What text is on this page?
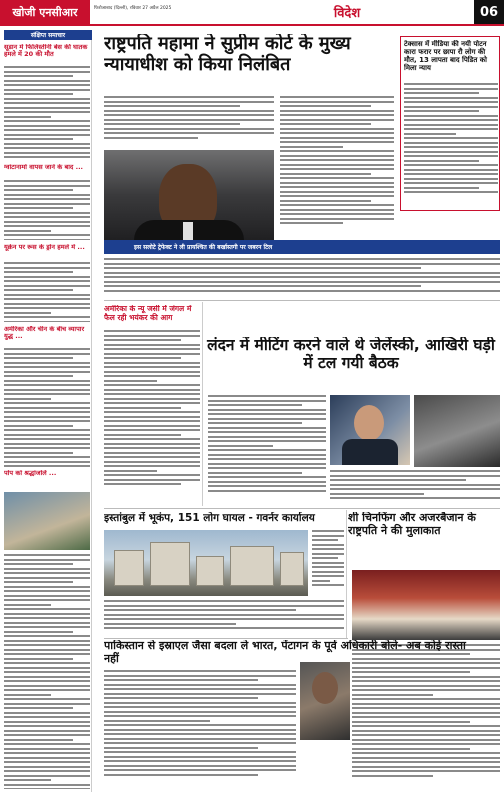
खोजी एनसीआर	फिरोजाबाद (दिल्ली), रविवार 27 अप्रैल 2025	विदेश	06
संक्षिप्त समाचार
सूडान में फिलिस्तीनी बेस की घातक हमले में 20 की मौत
ग्वांटानामो वापस जाने के बाद ...
यूक्रेन पर रूस के ड्रोन हमले में ...
अमेरिका और चीन के बीच व्यापार युद्ध ...
पोप को श्रद्धांजलि ...
राष्ट्रपति महामा ने सुप्रीम कोर्ट के मुख्य न्यायाधीश को किया निलंबित
टेक्सास में मीडिया की नयी पोटन कारा फरार पर छापा रौ लोग की मौत, 13 लापता बाद पिडित को मिला न्याय
इस सलोटे ट्रेफेक्ट ने ली प्रायश्चित की बर्खास्तगी पर जबरन टिल
अमेरिका के न्यू जर्सी में जंगल में फैल रही भयंकर की आग
लंदन में मीटिंग करने वाले थे जेलेंस्की, आखिरी घड़ी में टल गयी बैठक
इस्तांबुल में भूकंप, 151 लोग घायल - गवर्नर कार्यालय	शी चिनफिंग और अजरबैजान के राष्ट्रपति ने की मुलाकात
पाकिस्तान से इस्राएल जैसा बदला ले भारत, पेंटागन के पूर्व अधिकारी बोले- अब कोई रास्ता नहीं
